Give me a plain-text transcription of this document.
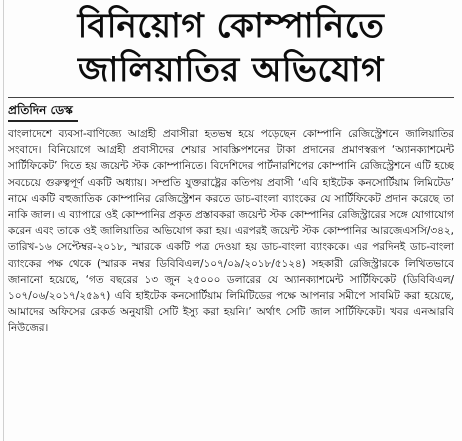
বিনিয়োগ কোম্পানিতে
জালিয়াতির অভিযোগ
প্রতিদিন ডেস্ক
বাংলাদেশে ব্যবসা-বাণিজ্যে আগ্রহী প্রবাসীরা হতভম্ব হয়ে পড়েছেন কোম্পানি রেজিস্ট্রেশনে জালিয়াতির সংবাদে। বিনিয়োগে আগ্রহী প্রবাসীদের শেয়ার সাবস্ক্রিপশনের টাকা প্রদানের প্রমাণস্বরূপ ‘অ্যানক্যাশমেন্ট সার্টিফিকেট’ দিতে হয় জয়েন্ট স্টক কোম্পানিতে। বিদেশিদের পার্টনারশিপের কোম্পানি রেজিস্ট্রেশনে এটি হচ্ছে সবচেয়ে গুরুত্বপূর্ণ একটি অধ্যায়। সম্প্রতি যুক্তরাষ্ট্রের কতিপয় প্রবাসী ‘এবি হাইটেক কনসোর্টিয়াম লিমিটেড’ নামে একটি বহুজাতিক কোম্পানির রেজিস্ট্রেশন করতে ডাচ-বাংলা ব্যাংকের যে সার্টিফিকেট প্রদান করেছে তা নাকি জাল। এ ব্যাপারে ওই কোম্পানির প্রকৃত প্রস্তাবকরা জয়েন্ট স্টক কোম্পানির রেজিস্ট্রারের সঙ্গে যোগাযোগ করেন এবং তাকে ওই জালিয়াতির অভিযোগ করা হয়। এরপরই জয়েন্ট স্টক কোম্পানির আরজেএসসি/৩৪২, তারিখ-১৬ সেপ্টেম্বর-২০১৮, স্মারকে একটি পত্র দেওয়া হয় ডাচ-বাংলা ব্যাংককে। এর পরদিনই ডাচ-বাংলা ব্যাংকের পক্ষ থেকে (স্মারক নম্বর ডিবিবিএল/১০৭/০৯/২০১৮/৫১২৪) সহকারী রেজিস্ট্রারকে লিখিতভাবে জানানো হয়েছে, ‘গত বছরের ১৩ জুন ২৫০০০ ডলারের যে অ্যানক্যাশমেন্ট সার্টিফিকেট (ডিবিবিএল/১০৭/০৬/২০১৭/২৫৯৭) এবি হাইটেক কনসোর্টিয়াম লিমিটিডের পক্ষে আপনার সমীপে সাবমিট করা হয়েছে, আমাদের অফিসের রেকর্ড অনুযায়ী সেটি ইস্যু করা হয়নি।’ অর্থাৎ সেটি জাল সার্টিফিকেট। খবর এনআরবি নিউজের।
